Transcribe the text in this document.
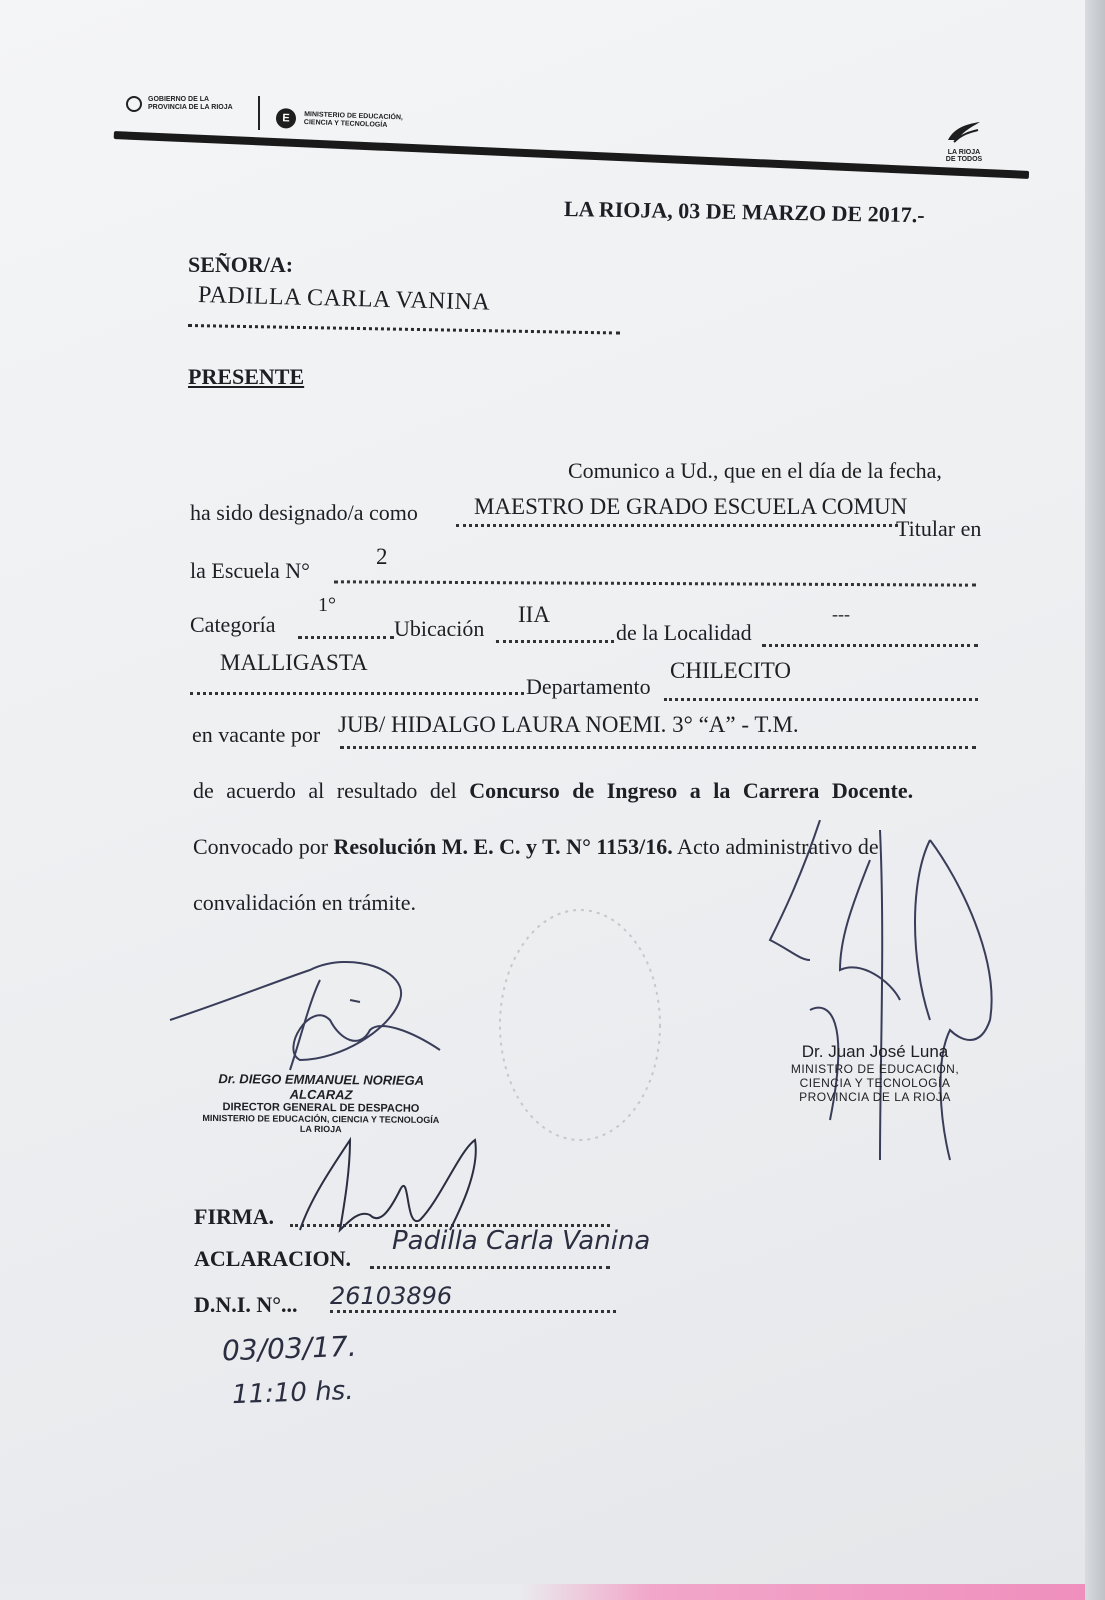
GOBIERNO DE LA
PROVINCIA DE LA RIOJA
E	MINISTERIO DE EDUCACIÓN,
CIENCIA Y TECNOLOGÍA
LA RIOJA
DE TODOS
LA RIOJA, 03 DE MARZO DE 2017.-
SEÑOR/A:
PADILLA CARLA VANINA
PRESENTE
Comunico a Ud., que en el día de la fecha,
ha sido designado/a como MAESTRO DE GRADO ESCUELA COMUN
Titular en
la Escuela N°
2
Categoría
1°
Ubicación
IIA
de la Localidad
---
MALLIGASTA
Departamento
CHILECITO
en vacante por JUB/ HIDALGO LAURA NOEMI. 3° “A” - T.M.
de acuerdo al resultado del Concurso de Ingreso a la Carrera Docente.
Convocado por Resolución M. E. C. y T. N° 1153/16. Acto administrativo de
convalidación en trámite.
Dr. DIEGO EMMANUEL NORIEGA ALCARAZ
DIRECTOR GENERAL DE DESPACHO
MINISTERIO DE EDUCACIÓN, CIENCIA Y TECNOLOGÍA
LA RIOJA
Dr. Juan José Luna
MINISTRO DE EDUCACIÓN,
CIENCIA Y TECNOLOGÍA
PROVINCIA DE LA RIOJA
FIRMA.
ACLARACION.
Padilla Carla Vanina
D.N.I. N°... 26103896
03/03/17.
11:10 hs.
